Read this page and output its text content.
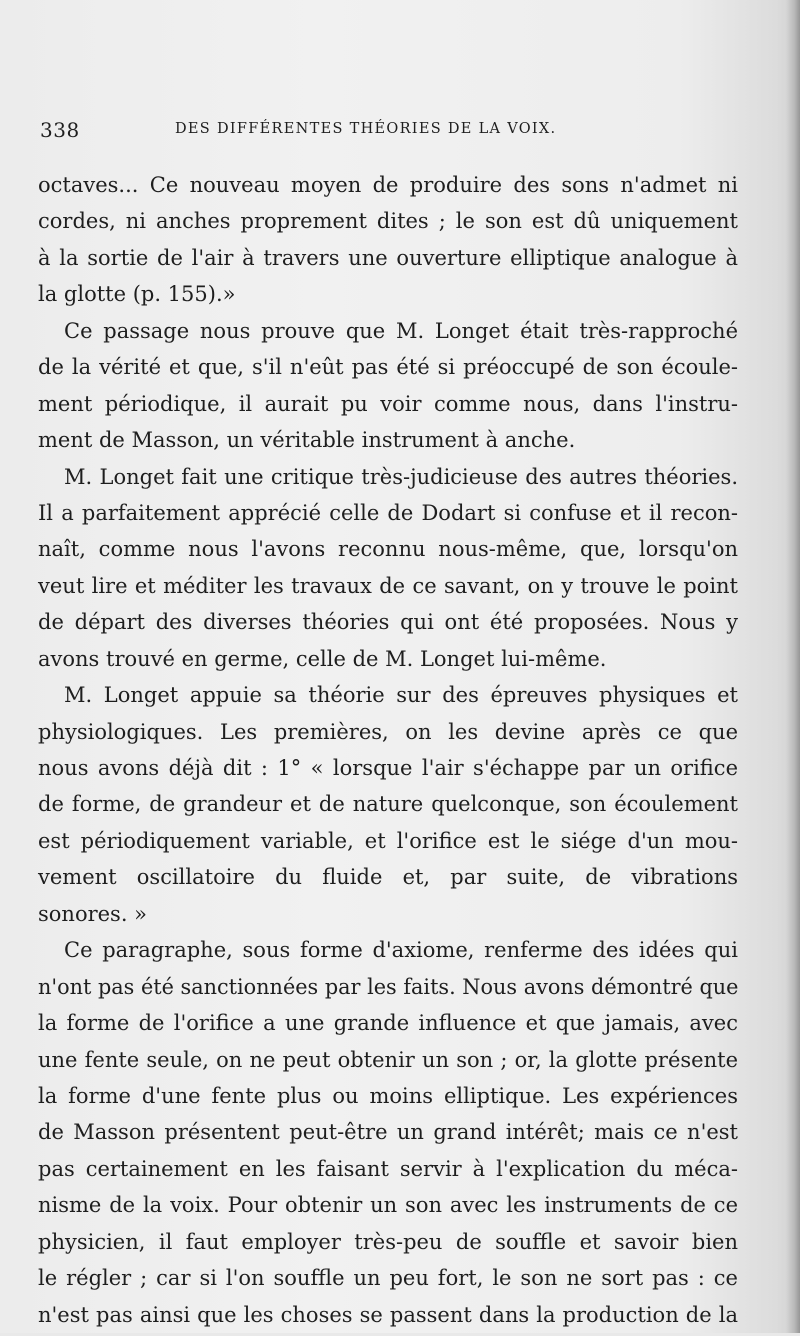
338	DES DIFFÉRENTES THÉORIES DE LA VOIX.
octaves... Ce nouveau moyen de produire des sons n'admet ni
cordes, ni anches proprement dites ; le son est dû uniquement
à la sortie de l'air à travers une ouverture elliptique analogue à
la glotte (p. 155).»
Ce passage nous prouve que M. Longet était très-rapproché
de la vérité et que, s'il n'eût pas été si préoccupé de son écoule-
ment périodique, il aurait pu voir comme nous, dans l'instru-
ment de Masson, un véritable instrument à anche.
M. Longet fait une critique très-judicieuse des autres théories.
Il a parfaitement apprécié celle de Dodart si confuse et il recon-
naît, comme nous l'avons reconnu nous-même, que, lorsqu'on
veut lire et méditer les travaux de ce savant, on y trouve le point
de départ des diverses théories qui ont été proposées. Nous y
avons trouvé en germe, celle de M. Longet lui-même.
M. Longet appuie sa théorie sur des épreuves physiques et
physiologiques. Les premières, on les devine après ce que
nous avons déjà dit : 1° « lorsque l'air s'échappe par un orifice
de forme, de grandeur et de nature quelconque, son écoulement
est périodiquement variable, et l'orifice est le siége d'un mou-
vement oscillatoire du fluide et, par suite, de vibrations
sonores. »
Ce paragraphe, sous forme d'axiome, renferme des idées qui
n'ont pas été sanctionnées par les faits. Nous avons démontré que
la forme de l'orifice a une grande influence et que jamais, avec
une fente seule, on ne peut obtenir un son ; or, la glotte présente
la forme d'une fente plus ou moins elliptique. Les expériences
de Masson présentent peut-être un grand intérêt; mais ce n'est
pas certainement en les faisant servir à l'explication du méca-
nisme de la voix. Pour obtenir un son avec les instruments de ce
physicien, il faut employer très-peu de souffle et savoir bien
le régler ; car si l'on souffle un peu fort, le son ne sort pas : ce
n'est pas ainsi que les choses se passent dans la production de la
